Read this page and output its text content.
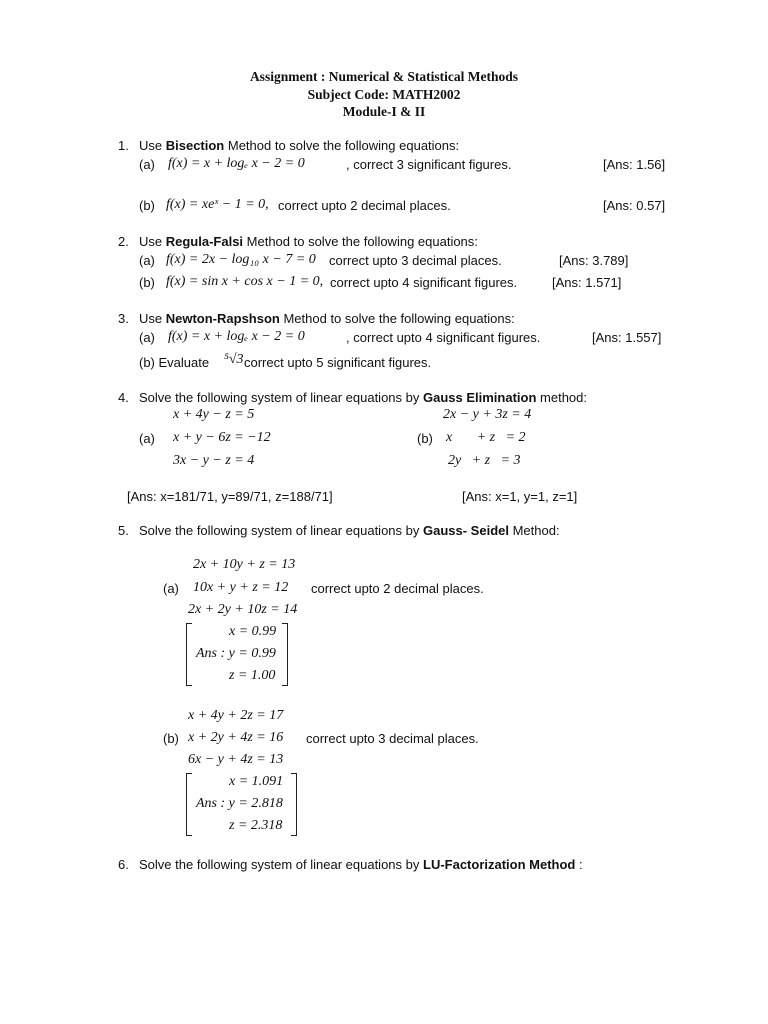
Assignment : Numerical & Statistical Methods
Subject Code: MATH2002
Module-I & II
1. Use Bisection Method to solve the following equations:
(a) f(x) = x + logₑ x − 2 = 0	, correct 3 significant figures.	[Ans: 1.56]
(b) f(x) = xeˣ − 1 = 0, correct upto 2 decimal places.	[Ans: 0.57]
2. Use Regula-Falsi Method to solve the following equations:
(a) f(x) = 2x − log₁₀ x − 7 = 0 correct upto 3 decimal places.	[Ans: 3.789]
(b) f(x) = sin x + cos x − 1 = 0, correct upto 4 significant figures.	[Ans: 1.571]
3. Use Newton-Rapshson Method to solve the following equations:
(a) f(x) = x + logₑ x − 2 = 0	, correct upto 4 significant figures.	[Ans: 1.557]
(b) Evaluate ⁵√3 correct upto 5 significant figures.
4. Solve the following system of linear equations by Gauss Elimination method:
x + 4y − z = 5
(a) x + y − 6z = −12
3x − y − z = 4
2x − y + 3z = 4
(b) x       + z   = 2
2y   + z   = 3
[Ans: x=181/71, y=89/71, z=188/71]	[Ans: x=1, y=1, z=1]
5. Solve the following system of linear equations by Gauss- Seidel Method:
2x + 10y + z = 13
(a) 10x + y + z = 12 correct upto 2 decimal places.
2x + 2y + 10z = 14
x = 0.99
Ans : y = 0.99
z = 1.00
x + 4y + 2z = 17
(b) x + 2y + 4z = 16 correct upto 3 decimal places.
6x − y + 4z = 13
x = 1.091
Ans : y = 2.818
z = 2.318
6. Solve the following system of linear equations by LU-Factorization Method :
